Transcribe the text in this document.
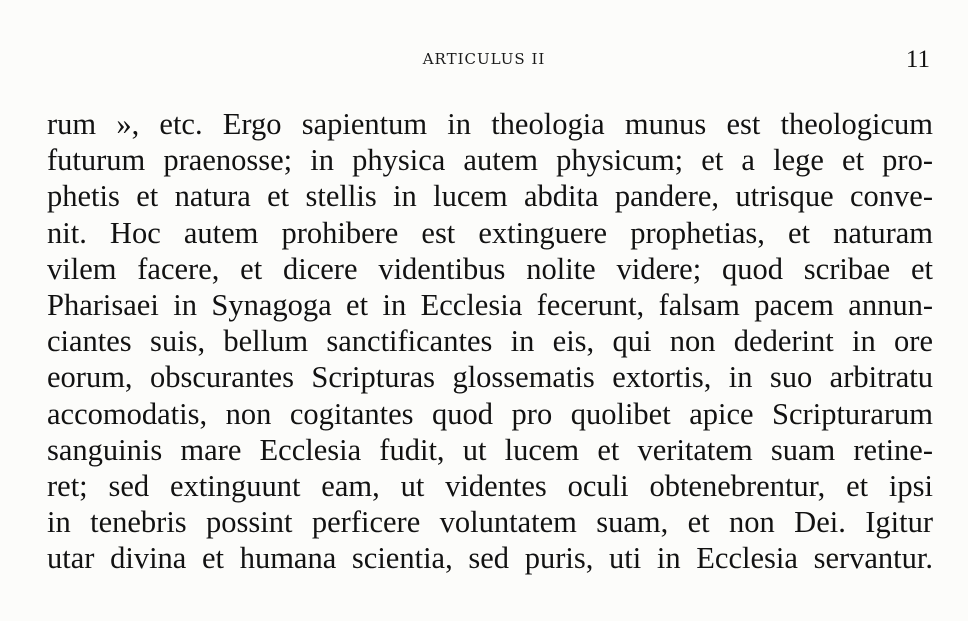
ARTICULUS II	11
rum », etc. Ergo sapientum in theologia munus est theologicum
futurum praenosse; in physica autem physicum; et a lege et pro-
phetis et natura et stellis in lucem abdita pandere, utrisque conve-
nit. Hoc autem prohibere est extinguere prophetias, et naturam
vilem facere, et dicere videntibus nolite videre; quod scribae et
Pharisaei in Synagoga et in Ecclesia fecerunt, falsam pacem annun-
ciantes suis, bellum sanctificantes in eis, qui non dederint in ore
eorum, obscurantes Scripturas glossematis extortis, in suo arbitratu
accomodatis, non cogitantes quod pro quolibet apice Scripturarum
sanguinis mare Ecclesia fudit, ut lucem et veritatem suam retine-
ret; sed extinguunt eam, ut videntes oculi obtenebrentur, et ipsi
in tenebris possint perficere voluntatem suam, et non Dei. Igitur
utar divina et humana scientia, sed puris, uti in Ecclesia servantur.
